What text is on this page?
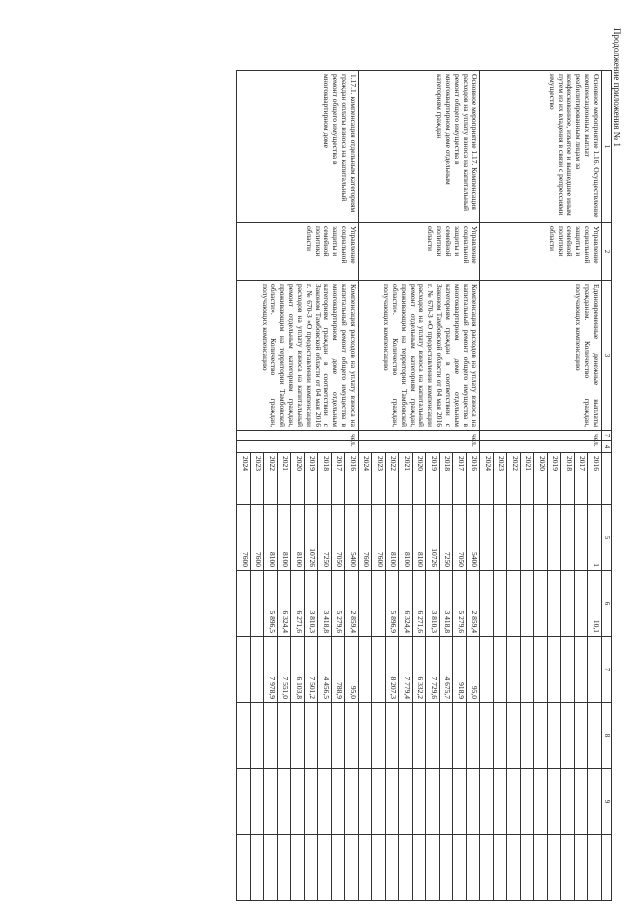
Продолжение приложения № 1
1	2	3	7	4		5	6	7	8	9	
Основное мероприятие 1.16. Осуществление компенсационных выплат реабилитированным лицам за конфискованное, изъятое и вышедшее иным путем из их владения в связи с репрессиями имущество	Управление социальной защиты и семейной политики области	Единовременные денежные выплаты гражданам. Количество граждан, получающих компенсацию	чел.		2016	1	10,1				
					2017						
					2018						
					2019						
					2020						
					2021						
					2022						
					2023						
					2024						
Основное мероприятие 1.17. Компенсация расходов на уплату взноса на капитальный ремонт общего имущества в многоквартирном доме отдельным категориям граждан	Управление социальной защиты и семейной политики области	Компенсация расходов на уплату взноса на капитальный ремонт общего имущества в многоквартирном доме отдельным категориям граждан в соответствии с Законом Тамбовской области от 04 мая 2016 г. № 670-З «О предоставлении компенсации расходов на уплату взноса на капитальный ремонт отдельным категориям граждан, проживающим на территории Тамбовской области». Количество граждан, получающих компенсацию	чел.		2016	5400	2 859,4	95,0			
					2017	7050	5 279,6	918,9			
					2018	7250	3 418,8	4 675,7			
					2019	10726	3 810,3	7 729,6			
					2020	8100	6 271,6	6 332,2			
					2021	8100	6 324,4	7 779,4			
					2022	8100	5 896,9	8 207,3			
					2023	7600					
					2024	7600					
1.17.1. компенсация отдельным категориям граждан оплаты взноса на капитальный ремонт общего имущества в многоквартирном доме	Управление социальной защиты и семейной политики области	Компенсация расходов на уплату взноса на капитальный ремонт общего имущества в многоквартирном доме отдельным категориям граждан в соответствии с Законом Тамбовской области от 04 мая 2016 г. № 670-З «О предоставлении компенсации расходов на уплату взноса на капитальный ремонт отдельным категориям граждан, проживающим на территории Тамбовской области». Количество граждан, получающих компенсацию	чел.		2016	5400	2 859,4	95,0			
					2017	7050	5 279,6	788,9			
					2018	7250	3 418,8	4 456,5			
					2019	10726	3 810,3	7 501,2			
					2020	8100	6 271,6	6 103,8			
					2021	8100	6 324,4	7 551,0			
					2022	8100	5 896,5	7 978,9			
					2023	7600					
					2024	7600					
